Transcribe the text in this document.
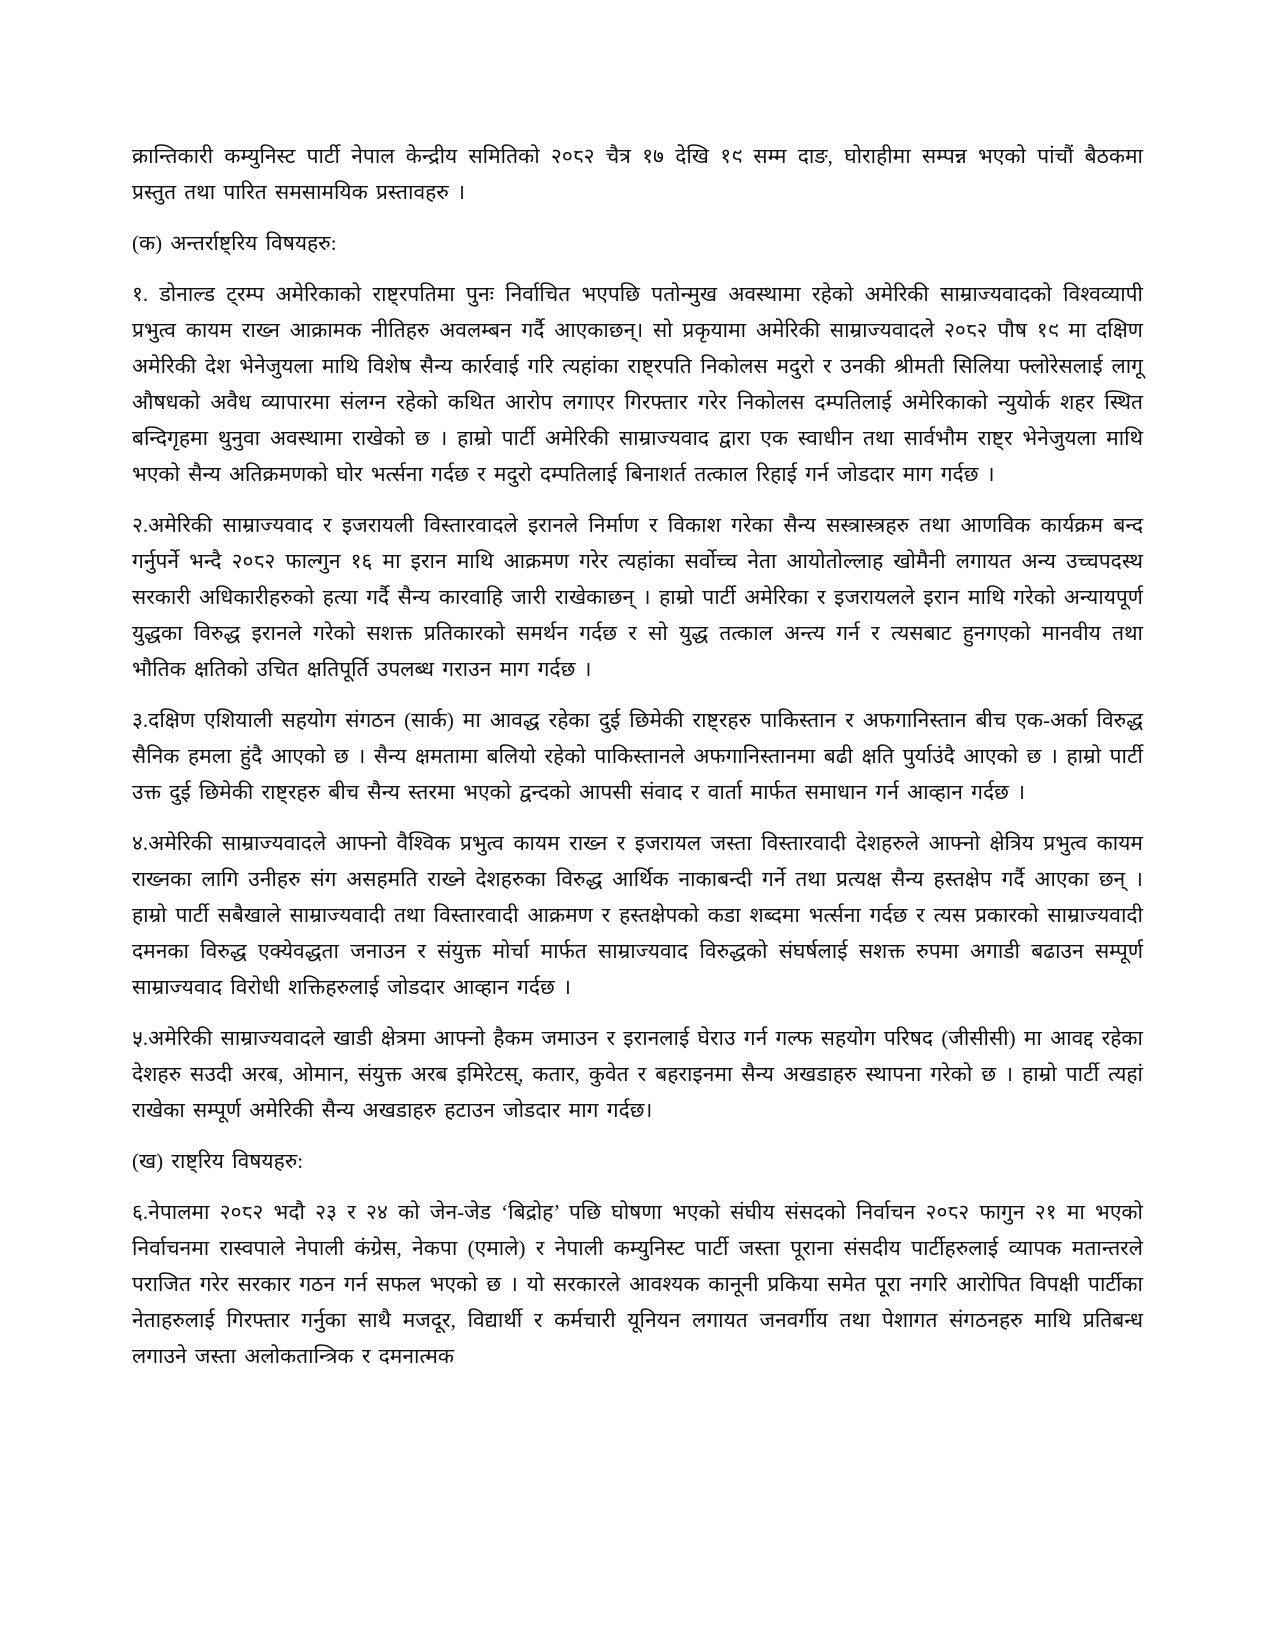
क्रान्तिकारी कम्युनिस्ट पार्टी नेपाल केन्द्रीय समितिको २०८२ चैत्र १७ देखि १९ सम्म दाङ, घोराहीमा सम्पन्न भएको पांचौं बैठकमा प्रस्तुत तथा पारित समसामयिक प्रस्तावहरु ।

(क) अन्तर्राष्ट्रिय विषयहरु:

१. डोनाल्ड ट्रम्प अमेरिकाको राष्ट्रपतिमा पुनः निर्वाचित भएपछि पतोन्मुख अवस्थामा रहेको अमेरिकी साम्राज्यवादको विश्वव्यापी प्रभुत्व कायम राख्न आक्रामक नीतिहरु अवलम्बन गर्दै आएकाछन्। सो प्रकृयामा अमेरिकी साम्राज्यवादले २०८२ पौष १९ मा दक्षिण अमेरिकी देश भेनेजुयला माथि विशेष सैन्य कार्रवाई गरि त्यहांका राष्ट्रपति निकोलस मदुरो र उनकी श्रीमती सिलिया फ्लोरेसलाई लागू औषधको अवैध व्यापारमा संलग्न रहेको कथित आरोप लगाएर गिरफ्तार गरेर निकोलस दम्पतिलाई अमेरिकाको न्युयोर्क शहर स्थित बन्दिगृहमा थुनुवा अवस्थामा राखेको छ । हाम्रो पार्टी अमेरिकी साम्राज्यवाद द्वारा एक स्वाधीन तथा सार्वभौम राष्ट्र भेनेजुयला माथि भएको सैन्य अतिक्रमणको घोर भर्त्सना गर्दछ र मदुरो दम्पतिलाई बिनाशर्त तत्काल रिहाई गर्न जोडदार माग गर्दछ ।

२.अमेरिकी साम्राज्यवाद र इजरायली विस्तारवादले इरानले निर्माण र विकाश गरेका सैन्य सस्त्रास्त्रहरु तथा आणविक कार्यक्रम बन्द गर्नुपर्ने भन्दै २०८२ फाल्गुन १६ मा इरान माथि आक्रमण गरेर त्यहांका सर्वोच्च नेता आयोतोल्लाह खोमैनी लगायत अन्य उच्चपदस्थ सरकारी अधिकारीहरुको हत्या गर्दै सैन्य कारवाहि जारी राखेकाछन् । हाम्रो पार्टी अमेरिका र इजरायलले इरान माथि गरेको अन्यायपूर्ण युद्धका विरुद्ध इरानले गरेको सशक्त प्रतिकारको समर्थन गर्दछ र सो युद्ध तत्काल अन्त्य गर्न र त्यसबाट हुनगएको मानवीय तथा भौतिक क्षतिको उचित क्षतिपूर्ति उपलब्ध गराउन माग गर्दछ ।

३.दक्षिण एशियाली सहयोग संगठन (सार्क) मा आवद्ध रहेका दुई छिमेकी राष्ट्रहरु पाकिस्तान र अफगानिस्तान बीच एक-अर्का विरुद्ध सैनिक हमला हुंदै आएको छ । सैन्य क्षमतामा बलियो रहेको पाकिस्तानले अफगानिस्तानमा बढी क्षति पुर्याउंदै आएको छ । हाम्रो पार्टी उक्त दुई छिमेकी राष्ट्रहरु बीच सैन्य स्तरमा भएको द्वन्दको आपसी संवाद र वार्ता मार्फत समाधान गर्न आव्हान गर्दछ ।

४.अमेरिकी साम्राज्यवादले आफ्नो वैश्विक प्रभुत्व कायम राख्न र इजरायल जस्ता विस्तारवादी देशहरुले आफ्नो क्षेत्रिय प्रभुत्व कायम राख्नका लागि उनीहरु संग असहमति राख्ने देशहरुका विरुद्ध आर्थिक नाकाबन्दी गर्ने तथा प्रत्यक्ष सैन्य हस्तक्षेप गर्दै आएका छन् । हाम्रो पार्टी सबैखाले साम्राज्यवादी तथा विस्तारवादी आक्रमण र हस्तक्षेपको कडा शब्दमा भर्त्सना गर्दछ र त्यस प्रकारको साम्राज्यवादी दमनका विरुद्ध एक्येवद्धता जनाउन र संयुक्त मोर्चा मार्फत साम्राज्यवाद विरुद्धको संघर्षलाई सशक्त रुपमा अगाडी बढाउन सम्पूर्ण साम्राज्यवाद विरोधी शक्तिहरुलाई जोडदार आव्हान गर्दछ ।

५.अमेरिकी साम्राज्यवादले खाडी क्षेत्रमा आफ्नो हैकम जमाउन र इरानलाई घेराउ गर्न गल्फ सहयोग परिषद (जीसीसी) मा आवद्द रहेका देशहरु सउदी अरब, ओमान, संयुक्त अरब इमिरेटस्, कतार, कुवेत र बहराइनमा सैन्य अखडाहरु स्थापना गरेको छ । हाम्रो पार्टी त्यहां राखेका सम्पूर्ण अमेरिकी सैन्य अखडाहरु हटाउन जोडदार माग गर्दछ।

(ख) राष्ट्रिय विषयहरु:

६.नेपालमा २०८२ भदौ २३ र २४ को जेन-जेड ‘बिद्रोह’ पछि घोषणा भएको संघीय संसदको निर्वाचन २०८२ फागुन २१ मा भएको निर्वाचनमा रास्वपाले नेपाली कंग्रेस, नेकपा (एमाले) र नेपाली कम्युनिस्ट पार्टी जस्ता पूराना संसदीय पार्टीहरुलाई व्यापक मतान्तरले पराजित गरेर सरकार गठन गर्न सफल भएको छ । यो सरकारले आवश्यक कानूनी प्रकिया समेत पूरा नगरि आरोपित विपक्षी पार्टीका नेताहरुलाई गिरफ्तार गर्नुका साथै मजदूर, विद्यार्थी र कर्मचारी यूनियन लगायत जनवर्गीय तथा पेशागत संगठनहरु माथि प्रतिबन्ध लगाउने जस्ता अलोकतान्त्रिक र दमनात्मक
